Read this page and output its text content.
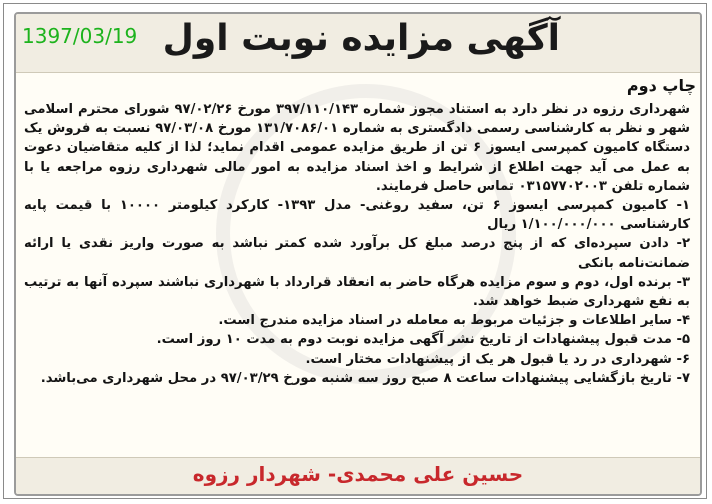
آگهی مزایده نوبت اول
1397/03/19
چاپ دوم

شهرداری رزوه در نظر دارد به استناد مجوز شماره ۳۹۷/۱۱۰/۱۴۳ مورخ ۹۷/۰۲/۲۶ شورای محترم اسلامی شهر و نظر به کارشناسی رسمی دادگستری به شماره ۱۳۱/۷۰۸۶/۰۱ مورخ ۹۷/۰۳/۰۸ نسبت به فروش یک دستگاه کامیون کمپرسی ایسوز ۶ تن از طریق مزایده عمومی اقدام نماید؛ لذا از کلیه متقاضیان دعوت به عمل می آید جهت اطلاع از شرایط و اخذ اسناد مزایده به امور مالی شهرداری رزوه مراجعه یا با شماره تلفن ۰۳۱۵۷۷۰۲۰۰۳ تماس حاصل فرمایند.

۱- کامیون کمپرسی ایسوز ۶ تن، سفید روغنی- مدل ۱۳۹۳- کارکرد کیلومتر ۱۰۰۰۰ با قیمت پایه کارشناسی ۱/۱۰۰/۰۰۰/۰۰۰ ریال

۲- دادن سپرده‌ای که از پنج درصد مبلغ کل برآورد شده کمتر نباشد به صورت واریز نقدی یا ارائه ضمانت‌نامه بانکی

۳- برنده اول، دوم و سوم مزایده هرگاه حاضر به انعقاد قرارداد با شهرداری نباشند سپرده آنها به ترتیب به نفع شهرداری ضبط خواهد شد.

۴- سایر اطلاعات و جزئیات مربوط به معامله در اسناد مزایده مندرج است.

۵- مدت قبول پیشنهادات از تاریخ نشر آگهی مزایده نوبت دوم به مدت ۱۰ روز است.

۶- شهرداری در رد یا قبول هر یک از پیشنهادات مختار است.

۷- تاریخ بازگشایی پیشنهادات ساعت ۸ صبح روز سه شنبه مورخ ۹۷/۰۳/۲۹ در محل شهرداری می‌باشد.

حسین علی محمدی- شهردار رزوه
